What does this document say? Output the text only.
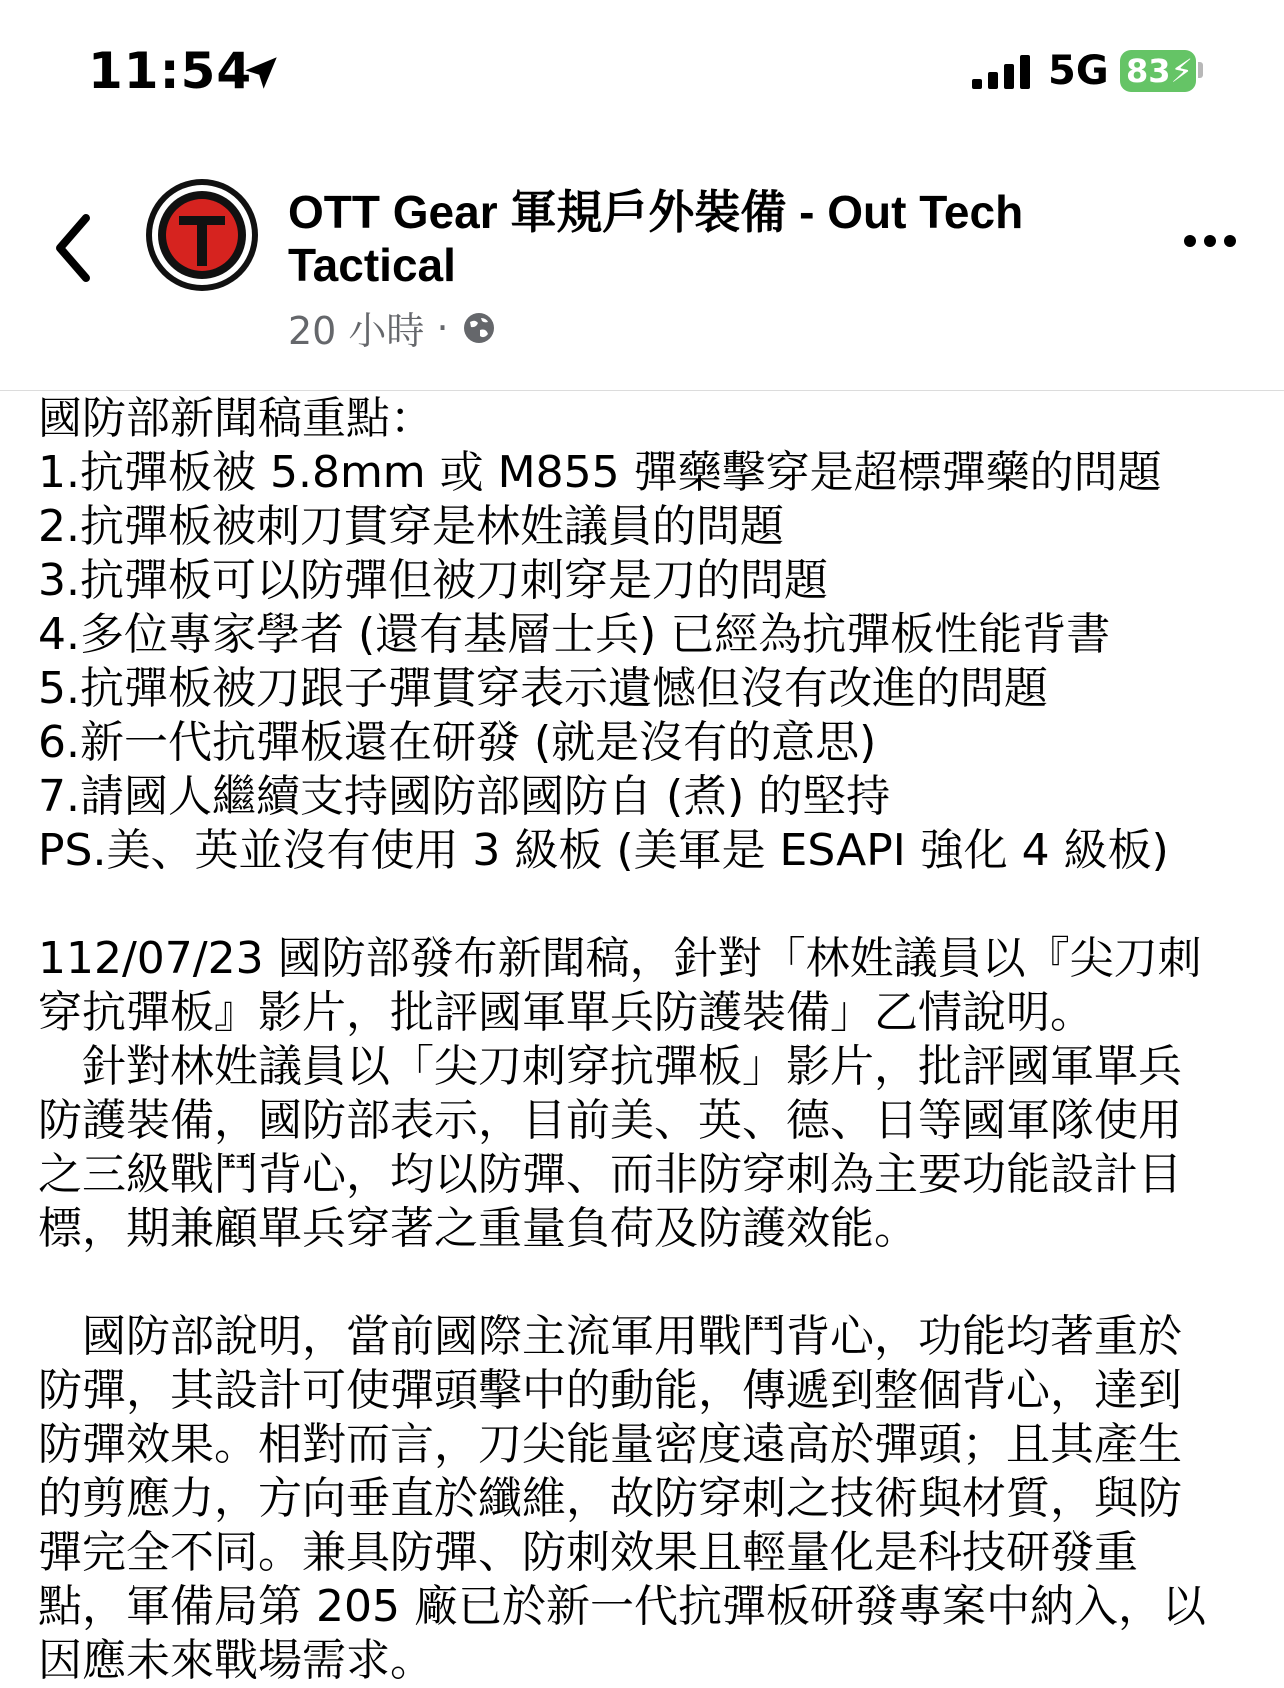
11:54	5G 83⚡
OTT Gear 軍規戶外裝備 - Out Tech
Tactical
20 小時 ·
國防部新聞稿重點：
1.抗彈板被 5.8mm 或 M855 彈藥擊穿是超標彈藥的問題
2.抗彈板被刺刀貫穿是林姓議員的問題
3.抗彈板可以防彈但被刀刺穿是刀的問題
4.多位專家學者 (還有基層士兵) 已經為抗彈板性能背書
5.抗彈板被刀跟子彈貫穿表示遺憾但沒有改進的問題
6.新一代抗彈板還在研發 (就是沒有的意思)
7.請國人繼續支持國防部國防自 (煮) 的堅持
PS.美、英並沒有使用 3 級板 (美軍是 ESAPI 強化 4 級板)
112/07/23 國防部發布新聞稿，針對「林姓議員以『尖刀刺
穿抗彈板』影片，批評國軍單兵防護裝備」乙情說明。
　針對林姓議員以「尖刀刺穿抗彈板」影片，批評國軍單兵
防護裝備，國防部表示，目前美、英、德、日等國軍隊使用
之三級戰鬥背心，均以防彈、而非防穿刺為主要功能設計目
標，期兼顧單兵穿著之重量負荷及防護效能。
　國防部說明，當前國際主流軍用戰鬥背心，功能均著重於
防彈，其設計可使彈頭擊中的動能，傳遞到整個背心，達到
防彈效果。相對而言，刀尖能量密度遠高於彈頭；且其產生
的剪應力，方向垂直於纖維，故防穿刺之技術與材質，與防
彈完全不同。兼具防彈、防刺效果且輕量化是科技研發重
點，軍備局第 205 廠已於新一代抗彈板研發專案中納入，以
因應未來戰場需求。
